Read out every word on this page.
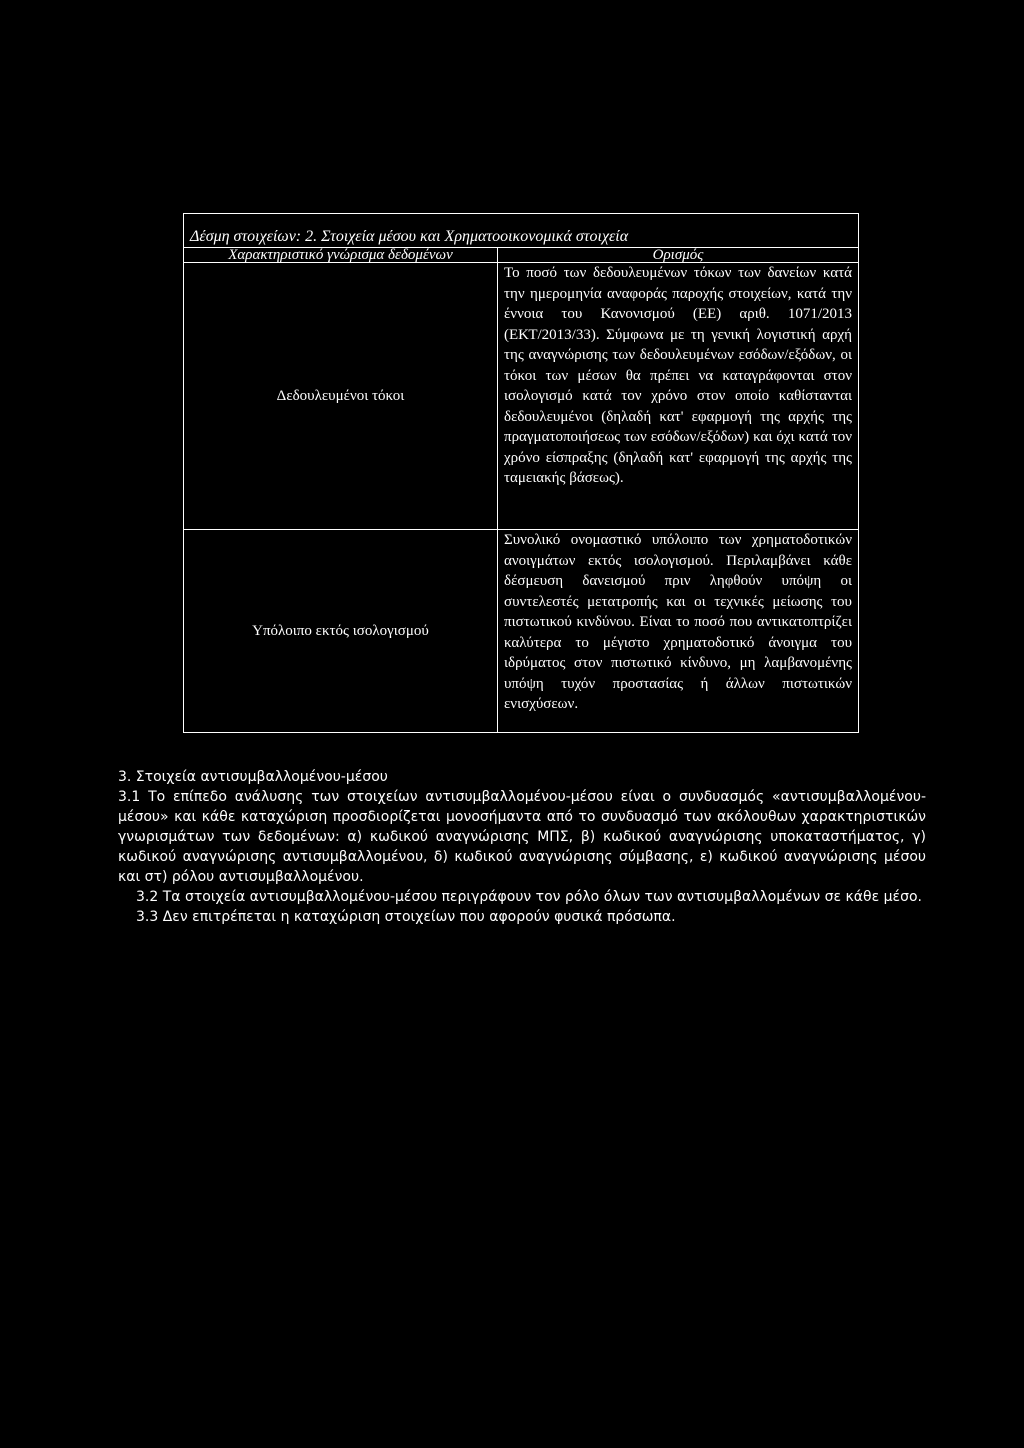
Δέσμη στοιχείων: 2. Στοιχεία μέσου και Χρηματοοικονομικά στοιχεία	
Χαρακτηριστικό γνώρισμα δεδομένων	Ορισμός
Δεδουλευμένοι τόκοι	Το ποσό των δεδουλευμένων τόκων των δανείων κατά την ημερομηνία αναφοράς παροχής στοιχείων, κατά την έννοια του Κανονισμού (ΕΕ) αριθ. 1071/2013 (ΕΚΤ/2013/33). Σύμφωνα με τη γενική λογιστική αρχή της αναγνώρισης των δεδουλευμένων εσόδων/εξόδων, οι τόκοι των μέσων θα πρέπει να καταγράφονται στον ισολογισμό κατά τον χρόνο στον οποίο καθίστανται δεδουλευμένοι (δηλαδή κατ' εφαρμογή της αρχής της πραγματοποιήσεως των εσόδων/εξόδων) και όχι κατά τον χρόνο είσπραξης (δηλαδή κατ' εφαρμογή της αρχής της ταμειακής βάσεως).
Υπόλοιπο εκτός ισολογισμού	Συνολικό ονομαστικό υπόλοιπο των χρηματοδοτικών ανοιγμάτων εκτός ισολογισμού. Περιλαμβάνει κάθε δέσμευση δανεισμού πριν ληφθούν υπόψη οι συντελεστές μετατροπής και οι τεχνικές μείωσης του πιστωτικού κινδύνου. Είναι το ποσό που αντικατοπτρίζει καλύτερα το μέγιστο χρηματοδοτικό άνοιγμα του ιδρύματος στον πιστωτικό κίνδυνο, μη λαμβανομένης υπόψη τυχόν προστασίας ή άλλων πιστωτικών ενισχύσεων.

3. Στοιχεία αντισυμβαλλομένου-μέσου

3.1 Το επίπεδο ανάλυσης των στοιχείων αντισυμβαλλομένου-μέσου είναι ο συνδυασμός «αντισυμβαλλομένου-μέσου» και κάθε καταχώριση προσδιορίζεται μονοσήμαντα από το συνδυασμό των ακόλουθων χαρακτηριστικών γνωρισμάτων των δεδομένων: α) κωδικού αναγνώρισης ΜΠΣ, β) κωδικού αναγνώρισης υποκαταστήματος, γ) κωδικού αναγνώρισης αντισυμβαλλομένου, δ) κωδικού αναγνώρισης σύμβασης, ε) κωδικού αναγνώρισης μέσου και στ) ρόλου αντισυμβαλλομένου.

3.2 Τα στοιχεία αντισυμβαλλομένου-μέσου περιγράφουν τον ρόλο όλων των αντισυμβαλλομένων σε κάθε μέσο.

3.3 Δεν επιτρέπεται η καταχώριση στοιχείων που αφορούν φυσικά πρόσωπα.
